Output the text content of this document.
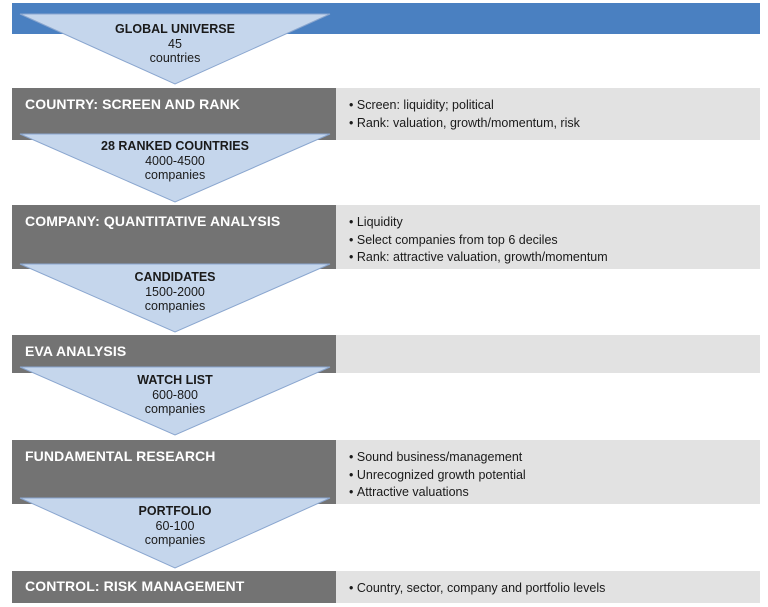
COUNTRY: SCREEN AND RANK	• Screen: liquidity; political
• Rank: valuation, growth/momentum, risk
COMPANY: QUANTITATIVE ANALYSIS	• Liquidity
• Select companies from top 6 deciles
• Rank: attractive valuation, growth/momentum
EVA ANALYSIS
FUNDAMENTAL RESEARCH	• Sound business/management
• Unrecognized growth potential
• Attractive valuations
CONTROL: RISK MANAGEMENT	• Country, sector, company and portfolio levels
GLOBAL UNIVERSE
45
countries
28 RANKED COUNTRIES
4000-4500
companies
CANDIDATES
1500-2000
companies
WATCH LIST
600-800
companies
PORTFOLIO
60-100
companies
